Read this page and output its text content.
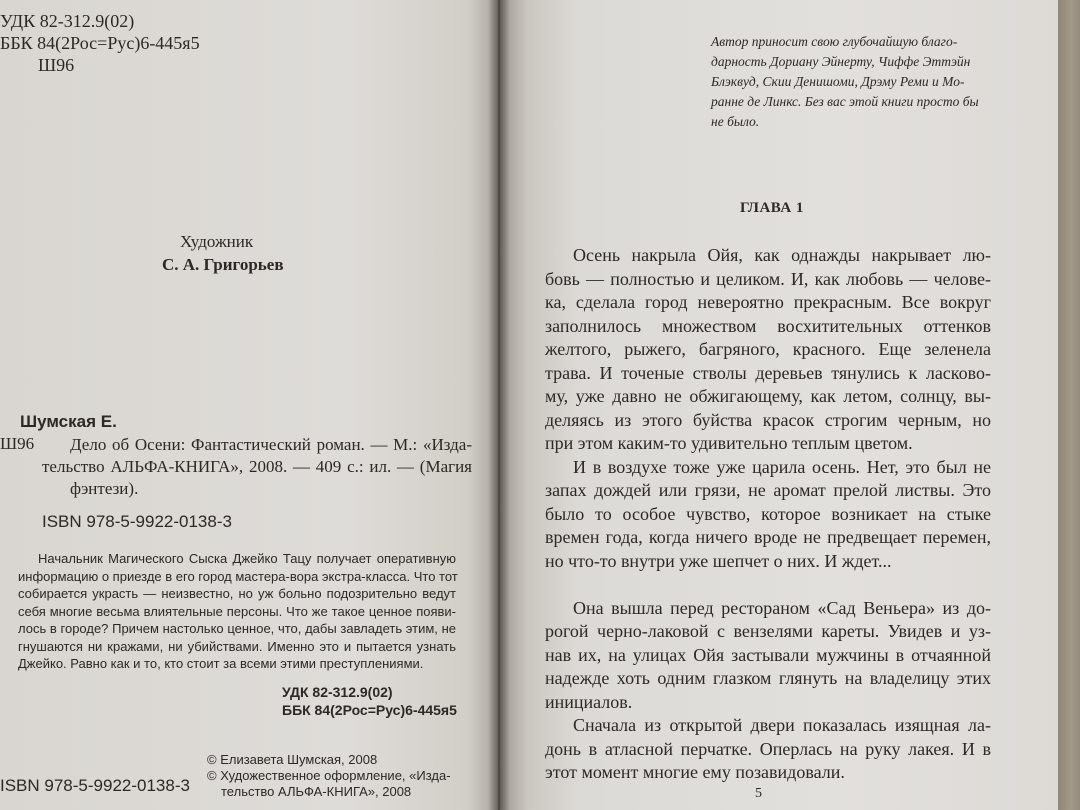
УДК 82-312.9(02)
ББК 84(2Рос=Рус)6-445я5
Ш96
Художник
С. А. Григорьев
Шумская Е.
Ш96	Дело об Осени: Фантастический роман. — М.: «Изда-
тельство АЛЬФА-КНИГА», 2008. — 409 с.: ил. — (Магия
фэнтези).
ISBN 978-5-9922-0138-3
Начальник Магического Сыска Джейко Тацу получает оперативную
информацию о приезде в его город мастера-вора экстра-класса. Что тот
собирается украсть — неизвестно, но уж больно подозрительно ведут
себя многие весьма влиятельные персоны. Что же такое ценное появи-
лось в городе? Причем настолько ценное, что, дабы завладеть этим, не
гнушаются ни кражами, ни убийствами. Именно это и пытается узнать
Джейко. Равно как и то, кто стоит за всеми этими преступлениями.
УДК 82-312.9(02)
ББК 84(2Рос=Рус)6-445я5
© Елизавета Шумская, 2008
© Художественное оформление, «Изда-
тельство АЛЬФА-КНИГА», 2008
ISBN 978-5-9922-0138-3
Автор приносит свою глубочайшую благо-
дарность Дориану Эйнерту, Чиффе Эттэйн
Блэквуд, Скии Денишоми, Дрэму Реми и Мо-
ранне де Линкс. Без вас этой книги просто бы
не было.
ГЛАВА 1

Осень накрыла Ойя, как однажды накрывает лю-
бовь — полностью и целиком. И, как любовь — челове-
ка, сделала город невероятно прекрасным. Все вокруг
заполнилось множеством восхитительных оттенков
желтого, рыжего, багряного, красного. Еще зеленела
трава. И точеные стволы деревьев тянулись к ласково-
му, уже давно не обжигающему, как летом, солнцу, вы-
деляясь из этого буйства красок строгим черным, но
при этом каким-то удивительно теплым цветом.

И в воздухе тоже уже царила осень. Нет, это был не
запах дождей или грязи, не аромат прелой листвы. Это
было то особое чувство, которое возникает на стыке
времен года, когда ничего вроде не предвещает перемен,
но что-то внутри уже шепчет о них. И ждет...

Она вышла перед рестораном «Сад Веньера» из до-
рогой черно-лаковой с вензелями кареты. Увидев и уз-
нав их, на улицах Ойя застывали мужчины в отчаянной
надежде хоть одним глазком глянуть на владелицу этих
инициалов.

Сначала из открытой двери показалась изящная ла-
донь в атласной перчатке. Оперлась на руку лакея. И в
этот момент многие ему позавидовали.

5
